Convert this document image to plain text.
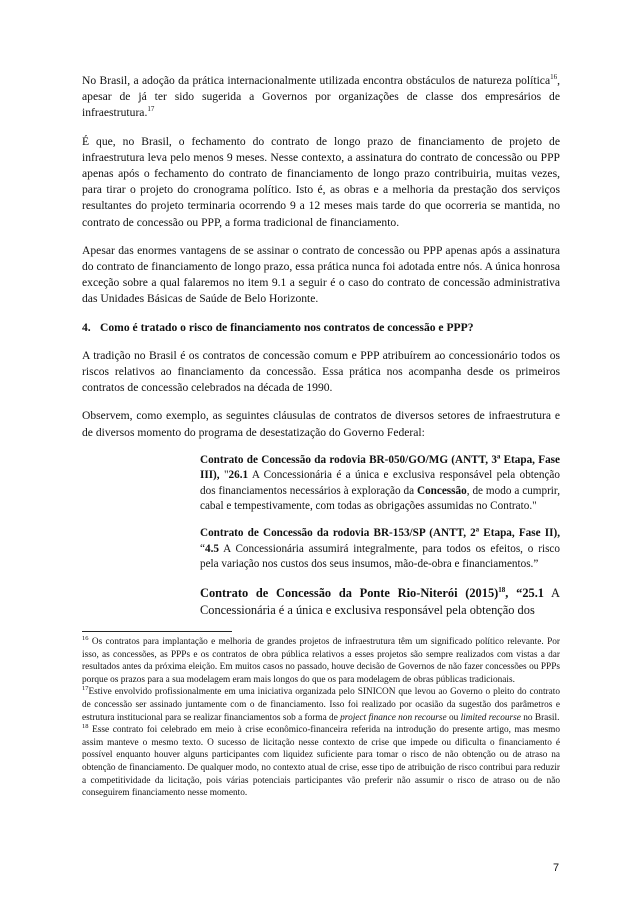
No Brasil, a adoção da prática internacionalmente utilizada encontra obstáculos de natureza política$^{16}$, apesar de já ter sido sugerida a Governos por organizações de classe dos empresários de infraestrutura.$^{17}$

É que, no Brasil, o fechamento do contrato de longo prazo de financiamento de projeto de infraestrutura leva pelo menos 9 meses. Nesse contexto, a assinatura do contrato de concessão ou PPP apenas após o fechamento do contrato de financiamento de longo prazo contribuiria, muitas vezes, para tirar o projeto do cronograma político. Isto é, as obras e a melhoria da prestação dos serviços resultantes do projeto terminaria ocorrendo 9 a 12 meses mais tarde do que ocorreria se mantida, no contrato de concessão ou PPP, a forma tradicional de financiamento.

Apesar das enormes vantagens de se assinar o contrato de concessão ou PPP apenas após a assinatura do contrato de financiamento de longo prazo, essa prática nunca foi adotada entre nós. A única honrosa exceção sobre a qual falaremos no item 9.1 a seguir é o caso do contrato de concessão administrativa das Unidades Básicas de Saúde de Belo Horizonte.

4. Como é tratado o risco de financiamento nos contratos de concessão e PPP?

A tradição no Brasil é os contratos de concessão comum e PPP atribuírem ao concessionário todos os riscos relativos ao financiamento da concessão. Essa prática nos acompanha desde os primeiros contratos de concessão celebrados na década de 1990.

Observem, como exemplo, as seguintes cláusulas de contratos de diversos setores de infraestrutura e de diversos momento do programa de desestatização do Governo Federal:

Contrato de Concessão da rodovia BR-050/GO/MG (ANTT, 3ª Etapa, Fase III), "26.1 A Concessionária é a única e exclusiva responsável pela obtenção dos financiamentos necessários à exploração da Concessão, de modo a cumprir, cabal e tempestivamente, com todas as obrigações assumidas no Contrato."
Contrato de Concessão da rodovia BR-153/SP (ANTT, 2ª Etapa, Fase II), “4.5 A Concessionária assumirá integralmente, para todos os efeitos, o risco pela variação nos custos dos seus insumos, mão-de-obra e financiamentos.”
Contrato de Concessão da Ponte Rio-Niterói $(2015)^{18}$, “25.1 A Concessionária é a única e exclusiva responsável pela obtenção dos

$^{16}$ Os contratos para implantação e melhoria de grandes projetos de infraestrutura têm um significado político relevante. Por isso, as concessões, as PPPs e os contratos de obra pública relativos a esses projetos são sempre realizados com vistas a dar resultados antes da próxima eleição. Em muitos casos no passado, houve decisão de Governos de não fazer concessões ou PPPs porque os prazos para a sua modelagem eram mais longos do que os para modelagem de obras públicas tradicionais.

$^{17}$Estive envolvido profissionalmente em uma iniciativa organizada pelo SINICON que levou ao Governo o pleito do contrato de concessão ser assinado juntamente com o de financiamento. Isso foi realizado por ocasião da sugestão dos parâmetros e estrutura institucional para se realizar financiamentos sob a forma de project finance non recourse ou limited recourse no Brasil.

$^{18}$ Esse contrato foi celebrado em meio à crise econômico-financeira referida na introdução do presente artigo, mas mesmo assim manteve o mesmo texto. O sucesso de licitação nesse contexto de crise que impede ou dificulta o financiamento é possível enquanto houver alguns participantes com liquidez suficiente para tomar o risco de não obtenção ou de atraso na obtenção de financiamento. De qualquer modo, no contexto atual de crise, esse tipo de atribuição de risco contribui para reduzir a competitividade da licitação, pois várias potenciais participantes vão preferir não assumir o risco de atraso ou de não conseguirem financiamento nesse momento.

7
